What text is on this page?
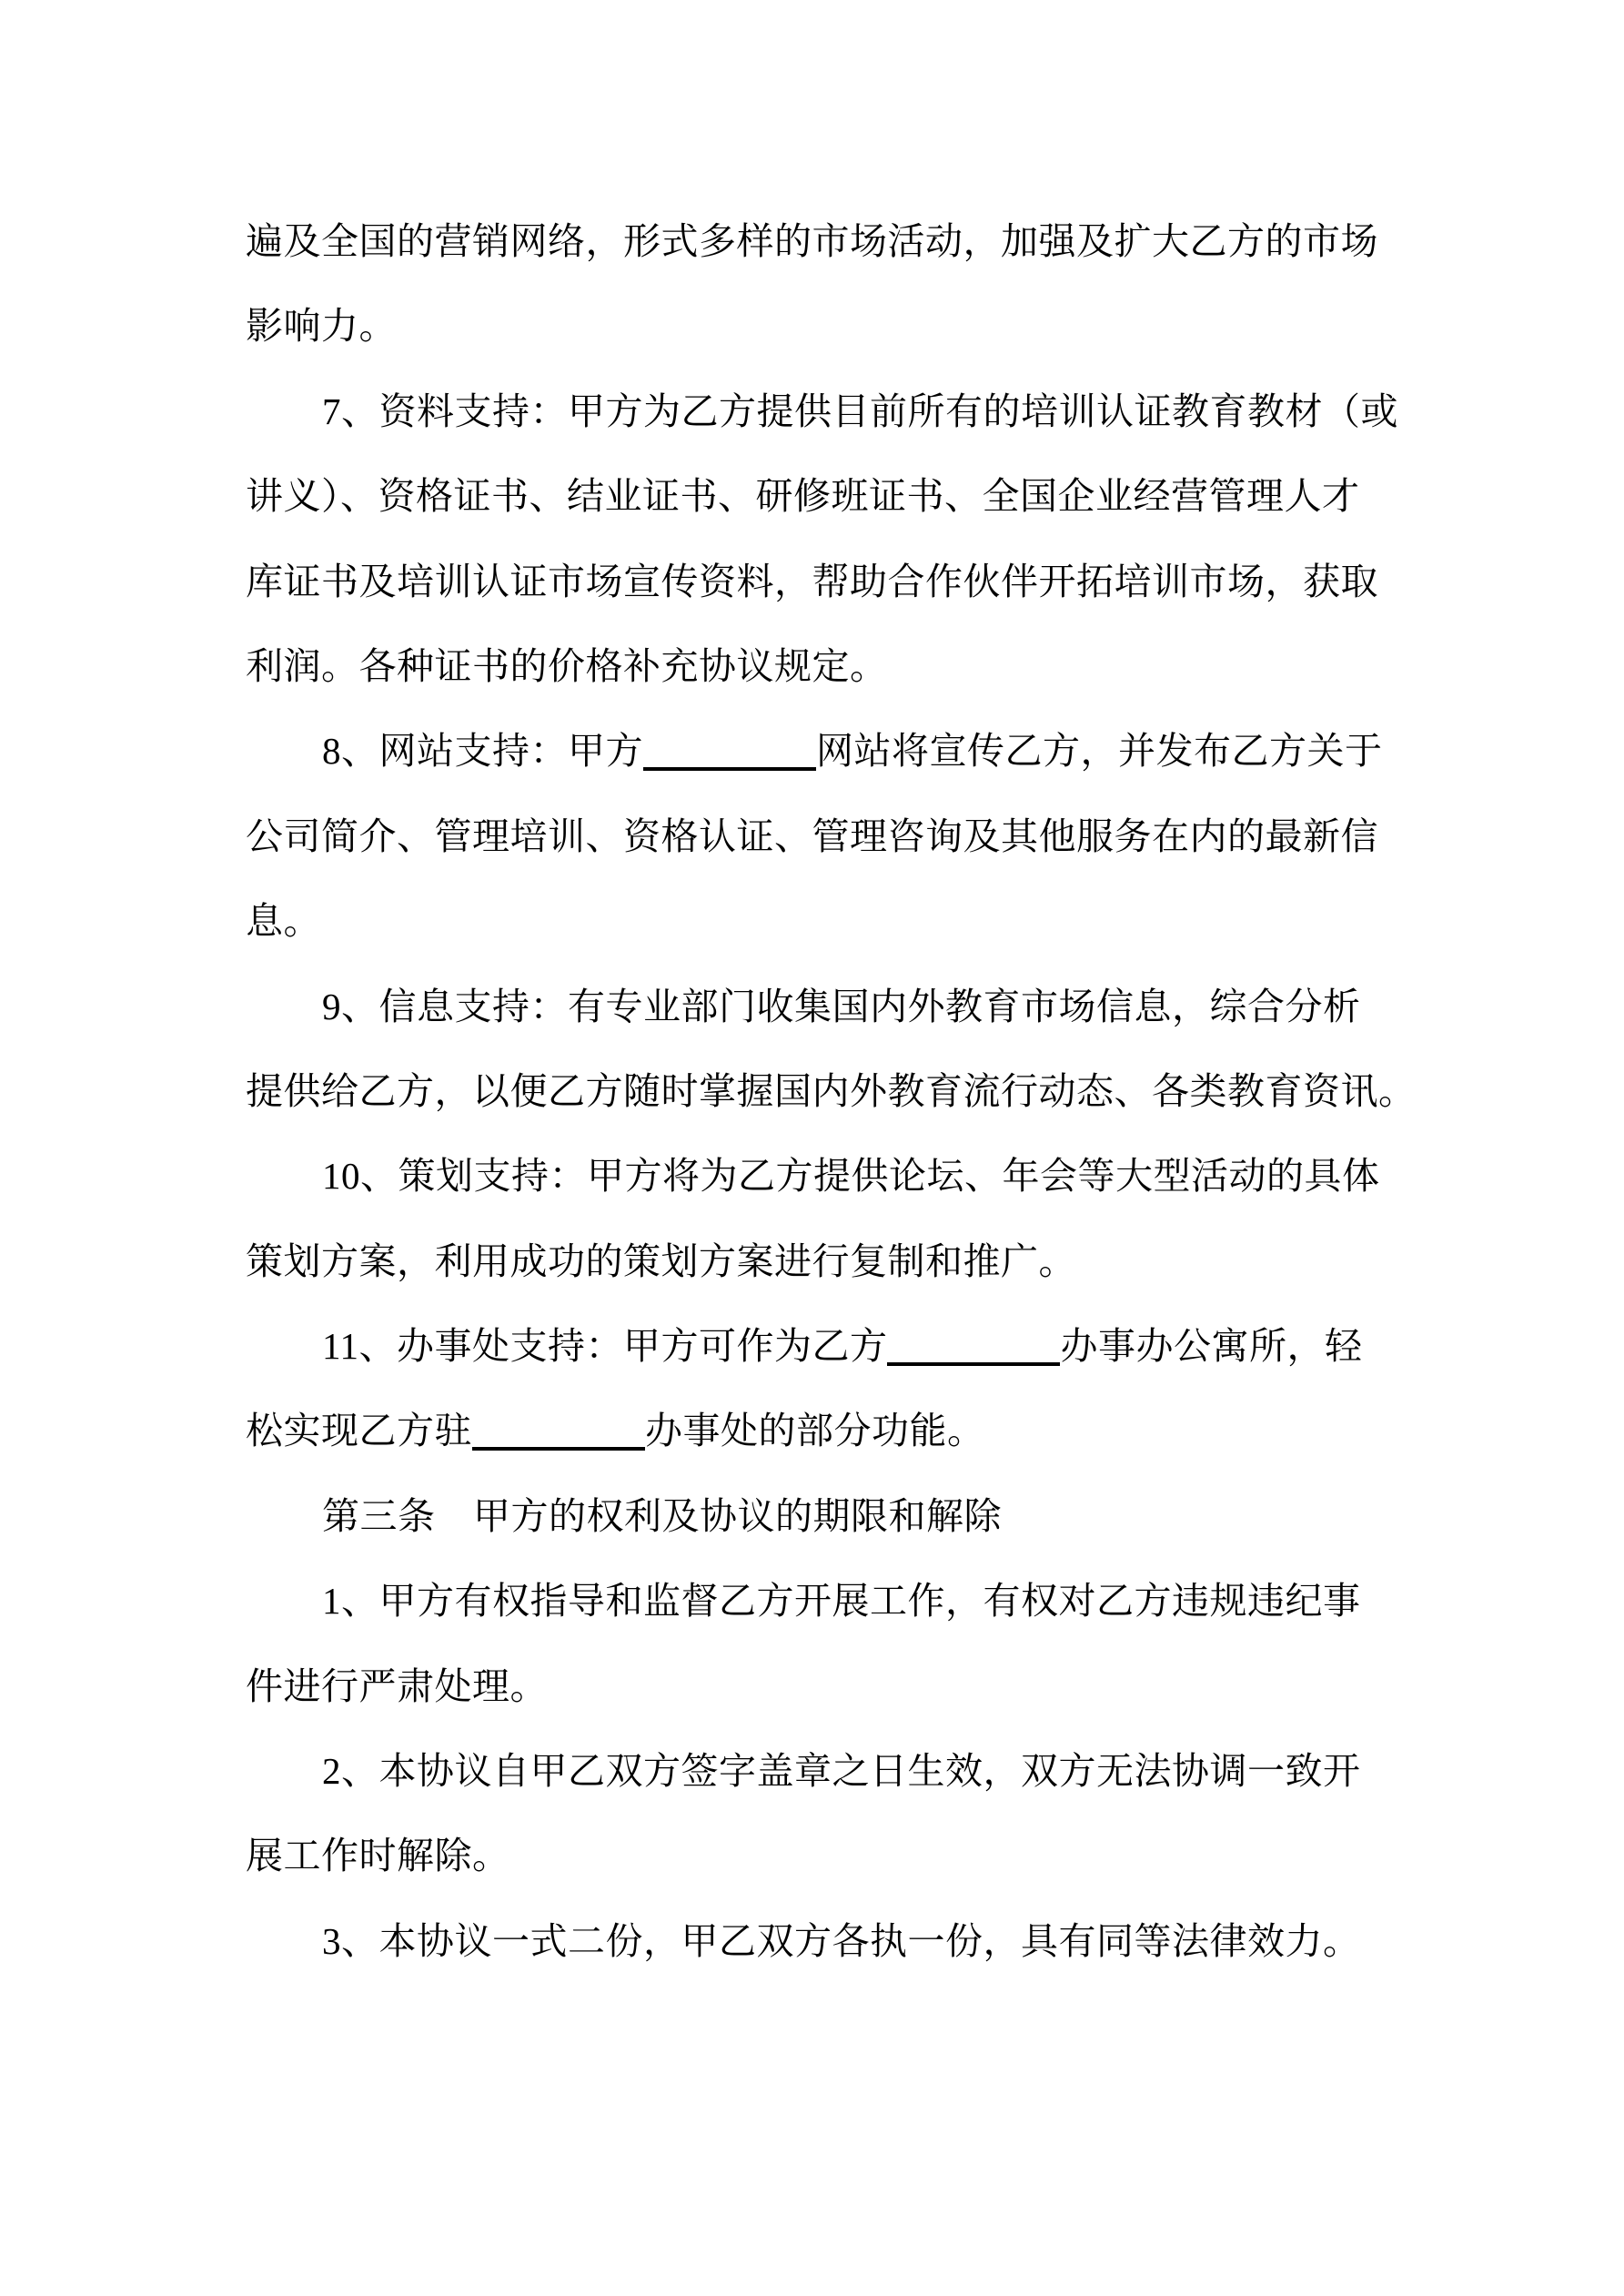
遍及全国的营销网络，形式多样的市场活动，加强及扩大乙方的市场
影响力。
7、资料支持：甲方为乙方提供目前所有的培训认证教育教材（或
讲义）、资格证书、结业证书、研修班证书、全国企业经营管理人才
库证书及培训认证市场宣传资料，帮助合作伙伴开拓培训市场，获取
利润。各种证书的价格补充协议规定。
8、网站支持：甲方	网站将宣传乙方，并发布乙方关于
公司简介、管理培训、资格认证、管理咨询及其他服务在内的最新信
息。
9、信息支持：有专业部门收集国内外教育市场信息，综合分析
提供给乙方，以便乙方随时掌握国内外教育流行动态、各类教育资讯。
10、策划支持：甲方将为乙方提供论坛、年会等大型活动的具体
策划方案，利用成功的策划方案进行复制和推广。
11、办事处支持：甲方可作为乙方	办事办公寓所，轻
松实现乙方驻	办事处的部分功能。
第三条　甲方的权利及协议的期限和解除
1、甲方有权指导和监督乙方开展工作，有权对乙方违规违纪事
件进行严肃处理。
2、本协议自甲乙双方签字盖章之日生效，双方无法协调一致开
展工作时解除。
3、本协议一式二份，甲乙双方各执一份，具有同等法律效力。
